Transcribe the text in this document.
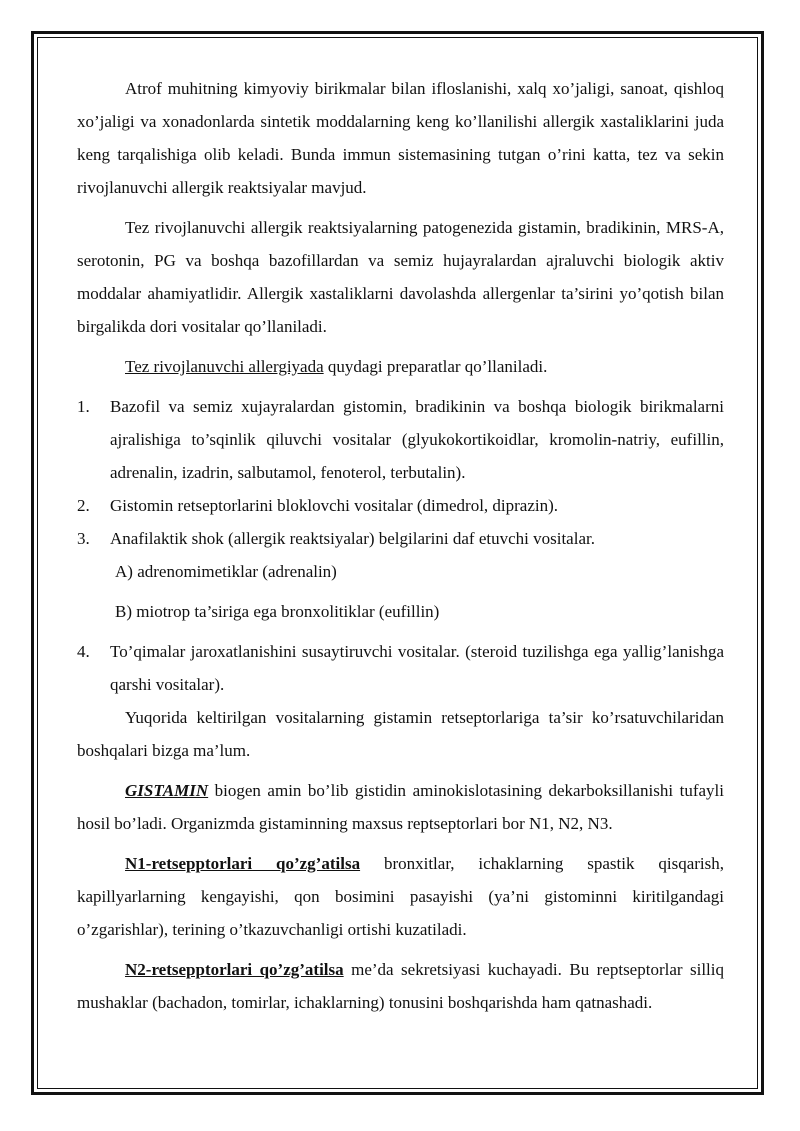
Atrof muhitning kimyoviy birikmalar bilan ifloslanishi, xalq xo’jaligi, sanoat, qishloq xo’jaligi va xonadonlarda sintetik moddalarning keng ko’llanilishi allergik xastaliklarini juda keng tarqalishiga olib keladi. Bunda immun sistemasining tutgan o’rini katta, tez va sekin rivojlanuvchi allergik reaktsiyalar mavjud.

Tez rivojlanuvchi allergik reaktsiyalarning patogenezida gistamin, bradikinin, MRS-A, serotonin, PG va boshqa bazofillardan va semiz hujayralardan ajraluvchi biologik aktiv moddalar ahamiyatlidir. Allergik xastaliklarni davolashda allergenlar ta’sirini yo’qotish bilan birgalikda dori vositalar qo’llaniladi.

Tez rivojlanuvchi allergiyada quydagi preparatlar qo’llaniladi.

1. Bazofil va semiz xujayralardan gistomin, bradikinin va boshqa biologik birikmalarni ajralishiga to’sqinlik qiluvchi vositalar (glyukokortikoidlar, kromolin-natriy, eufillin, adrenalin, izadrin, salbutamol, fenoterol, terbutalin).
2. Gistomin retseptorlarini bloklovchi vositalar (dimedrol, diprazin).
3. Anafilaktik shok (allergik reaktsiyalar) belgilarini daf etuvchi vositalar.

A) adrenomimetiklar (adrenalin)

B) miotrop ta’siriga ega bronxolitiklar (eufillin)

4. To’qimalar jaroxatlanishini susaytiruvchi vositalar. (steroid tuzilishga ega yallig’lanishga qarshi vositalar).

Yuqorida keltirilgan vositalarning gistamin retseptorlariga ta’sir ko’rsatuvchilaridan boshqalari bizga ma’lum.

GISTAMIN biogen amin bo’lib gistidin aminokislotasining dekarboksillanishi tufayli hosil bo’ladi. Organizmda gistaminning maxsus reptseptorlari bor N1, N2, N3.

N1-retsepptorlari qo’zg’atilsa bronxitlar, ichaklarning spastik qisqarish, kapillyarlarning kengayishi, qon bosimini pasayishi (ya’ni gistominni kiritilgandagi o’zgarishlar), terining o’tkazuvchanligi ortishi kuzatiladi.

N2-retsepptorlari qo’zg’atilsa me’da sekretsiyasi kuchayadi. Bu reptseptorlar silliq mushaklar (bachadon, tomirlar, ichaklarning) tonusini boshqarishda ham qatnashadi.
